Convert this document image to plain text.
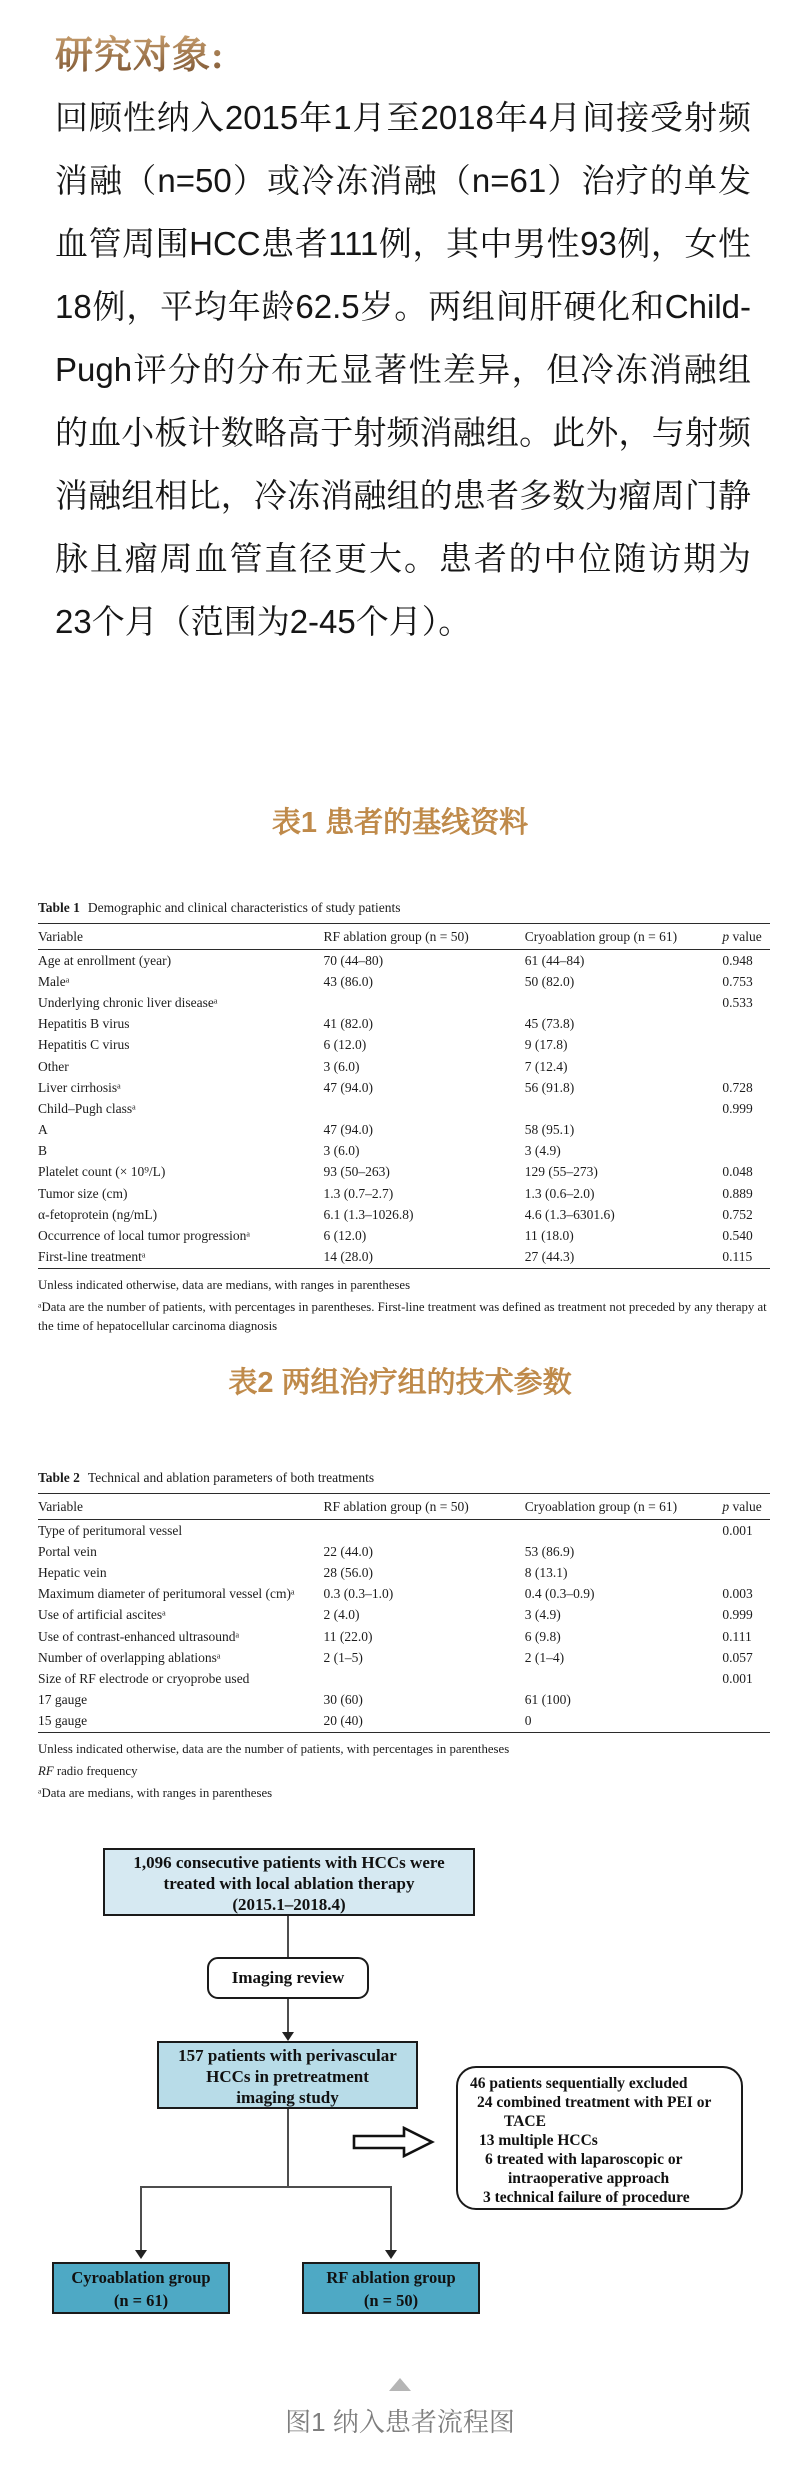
研究对象:

回顾性纳入2015年1月至2018年4月间接受射频消融（n=50）或冷冻消融（n=61）治疗的单发血管周围HCC患者111例，其中男性93例，女性18例，平均年龄62.5岁。两组间肝硬化和Child-Pugh评分的分布无显著性差异，但冷冻消融组的血小板计数略高于射频消融组。此外，与射频消融组相比，冷冻消融组的患者多数为瘤周门静脉且瘤周血管直径更大。患者的中位随访期为23个月（范围为2-45个月）。

表1 患者的基线资料
Table 1 Demographic and clinical characteristics of study patients
Variable	RF ablation group (n = 50)	Cryoablation group (n = 61)	p value
Age at enrollment (year)	70 (44–80)	61 (44–84)	0.948
Maleᵃ	43 (86.0)	50 (82.0)	0.753
Underlying chronic liver diseaseᵃ			0.533
Hepatitis B virus	41 (82.0)	45 (73.8)	
Hepatitis C virus	6 (12.0)	9 (17.8)	
Other	3 (6.0)	7 (12.4)	
Liver cirrhosisᵃ	47 (94.0)	56 (91.8)	0.728
Child–Pugh classᵃ			0.999
A	47 (94.0)	58 (95.1)	
B	3 (6.0)	3 (4.9)	
Platelet count (× 10⁹/L)	93 (50–263)	129 (55–273)	0.048
Tumor size (cm)	1.3 (0.7–2.7)	1.3 (0.6–2.0)	0.889
α-fetoprotein (ng/mL)	6.1 (1.3–1026.8)	4.6 (1.3–6301.6)	0.752
Occurrence of local tumor progressionᵃ	6 (12.0)	11 (18.0)	0.540
First-line treatmentᵃ	14 (28.0)	27 (44.3)	0.115
Unless indicated otherwise, data are medians, with ranges in parentheses
ᵃData are the number of patients, with percentages in parentheses. First-line treatment was defined as treatment not preceded by any therapy at the time of hepatocellular carcinoma diagnosis
表2 两组治疗组的技术参数
Table 2 Technical and ablation parameters of both treatments
Variable	RF ablation group (n = 50)	Cryoablation group (n = 61)	p value
Type of peritumoral vessel			0.001
Portal vein	22 (44.0)	53 (86.9)	
Hepatic vein	28 (56.0)	8 (13.1)	
Maximum diameter of peritumoral vessel (cm)ᵃ	0.3 (0.3–1.0)	0.4 (0.3–0.9)	0.003
Use of artificial ascitesᵃ	2 (4.0)	3 (4.9)	0.999
Use of contrast-enhanced ultrasoundᵃ	11 (22.0)	6 (9.8)	0.111
Number of overlapping ablationsᵃ	2 (1–5)	2 (1–4)	0.057
Size of RF electrode or cryoprobe used			0.001
17 gauge	30 (60)	61 (100)	
15 gauge	20 (40)	0	
Unless indicated otherwise, data are the number of patients, with percentages in parentheses
RF radio frequency
ᵃData are medians, with ranges in parentheses
1,096 consecutive patients with HCCs were
treated with local ablation therapy
(2015.1–2018.4)
Imaging review
157 patients with perivascular
HCCs in pretreatment
imaging study
46 patients sequentially excluded
24 combined treatment with PEI or
TACE
13 multiple HCCs
6 treated with laparoscopic or
intraoperative approach
3 technical failure of procedure
Cyroablation group
(n = 61)
RF ablation group
(n = 50)
图1 纳入患者流程图
